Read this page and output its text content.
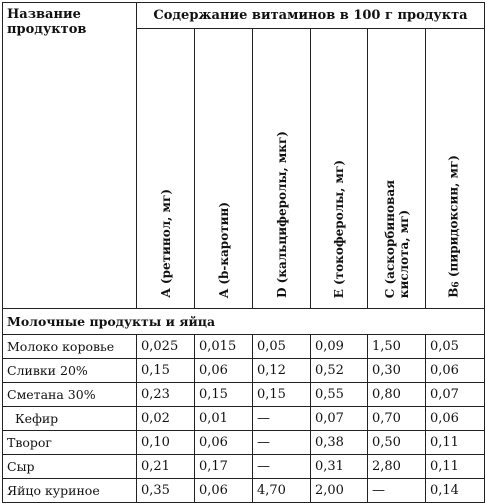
Название продуктов	Содержание витаминов в 100 г продукта					

	A (ретинол, мг)	A (b-каротин)	D (кальциферолы, мкг)	E (токоферолы, мг)	C (аскорбиновая
кислота, мг)	$B_6$ (пиридоксин, мг)

Молочные продукты и яйца						
Молоко коровье	0,025	0,015	0,05	0,09	1,50	0,05
Сливки 20%	0,15	0,06	0,12	0,52	0,30	0,06
Сметана 30%	0,23	0,15	0,15	0,55	0,80	0,07
Кефир	0,02	0,01	—	0,07	0,70	0,06
Творог	0,10	0,06	—	0,38	0,50	0,11
Сыр	0,21	0,17	—	0,31	2,80	0,11
Яйцо куриное	0,35	0,06	4,70	2,00	—	0,14
